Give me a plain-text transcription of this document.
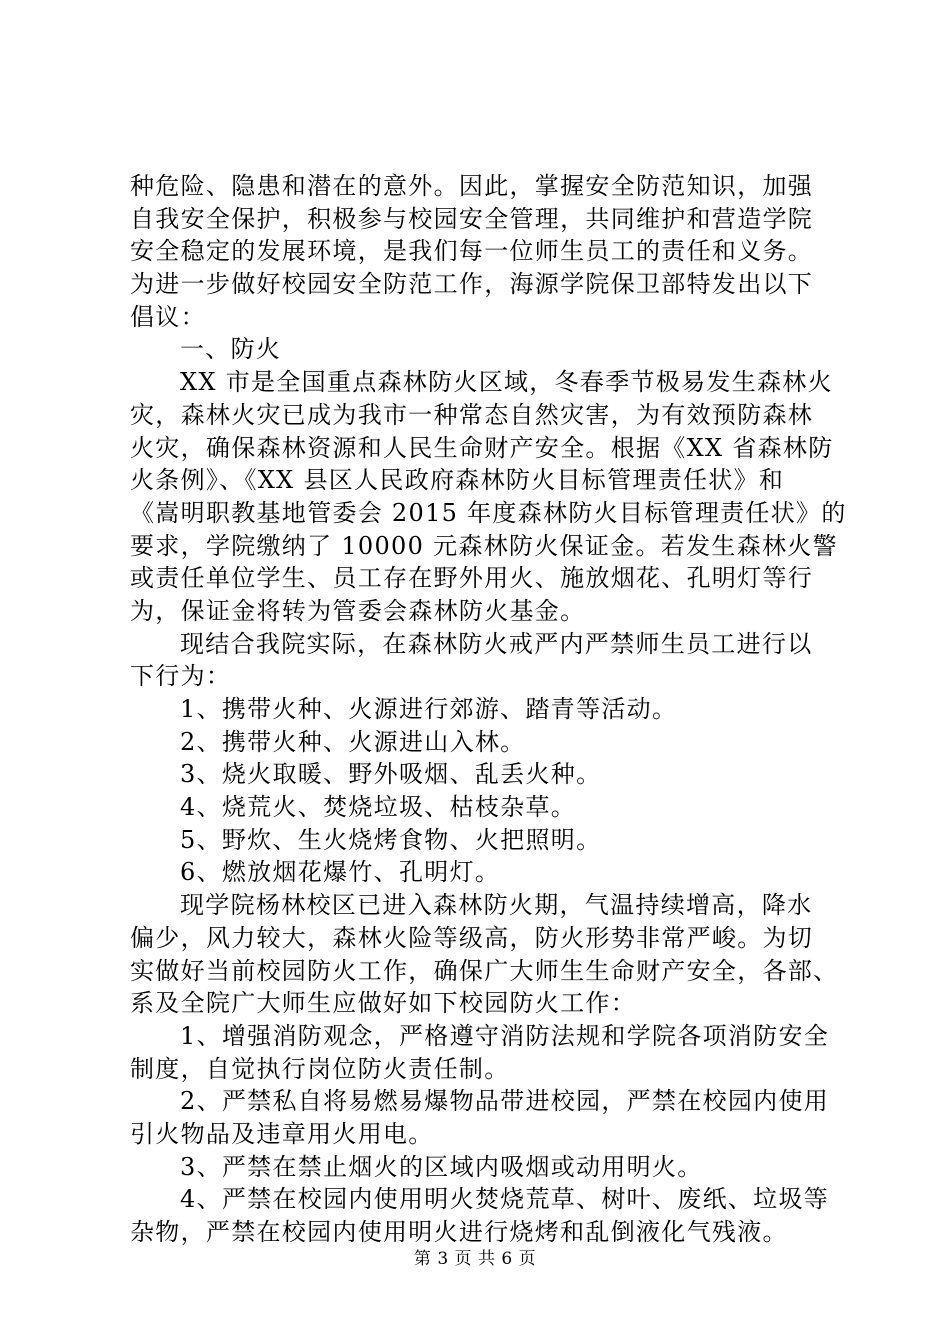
种危险、隐患和潜在的意外。因此，掌握安全防范知识，加强
自我安全保护，积极参与校园安全管理，共同维护和营造学院
安全稳定的发展环境，是我们每一位师生员工的责任和义务。
为进一步做好校园安全防范工作，海源学院保卫部特发出以下
倡议：
一、防火
XX 市是全国重点森林防火区域，冬春季节极易发生森林火
灾，森林火灾已成为我市一种常态自然灾害，为有效预防森林
火灾，确保森林资源和人民生命财产安全。根据《XX 省森林防
火条例》、《XX 县区人民政府森林防火目标管理责任状》和
《嵩明职教基地管委会 2015 年度森林防火目标管理责任状》的
要求，学院缴纳了 10000 元森林防火保证金。若发生森林火警
或责任单位学生、员工存在野外用火、施放烟花、孔明灯等行
为，保证金将转为管委会森林防火基金。
现结合我院实际，在森林防火戒严内严禁师生员工进行以
下行为：
1、携带火种、火源进行郊游、踏青等活动。
2、携带火种、火源进山入林。
3、烧火取暖、野外吸烟、乱丢火种。
4、烧荒火、焚烧垃圾、枯枝杂草。
5、野炊、生火烧烤食物、火把照明。
6、燃放烟花爆竹、孔明灯。
现学院杨林校区已进入森林防火期，气温持续增高，降水
偏少，风力较大，森林火险等级高，防火形势非常严峻。为切
实做好当前校园防火工作，确保广大师生生命财产安全，各部、
系及全院广大师生应做好如下校园防火工作：
1、增强消防观念，严格遵守消防法规和学院各项消防安全
制度，自觉执行岗位防火责任制。
2、严禁私自将易燃易爆物品带进校园，严禁在校园内使用
引火物品及违章用火用电。
3、严禁在禁止烟火的区域内吸烟或动用明火。
4、严禁在校园内使用明火焚烧荒草、树叶、废纸、垃圾等
杂物，严禁在校园内使用明火进行烧烤和乱倒液化气残液。
第 3 页 共 6 页
